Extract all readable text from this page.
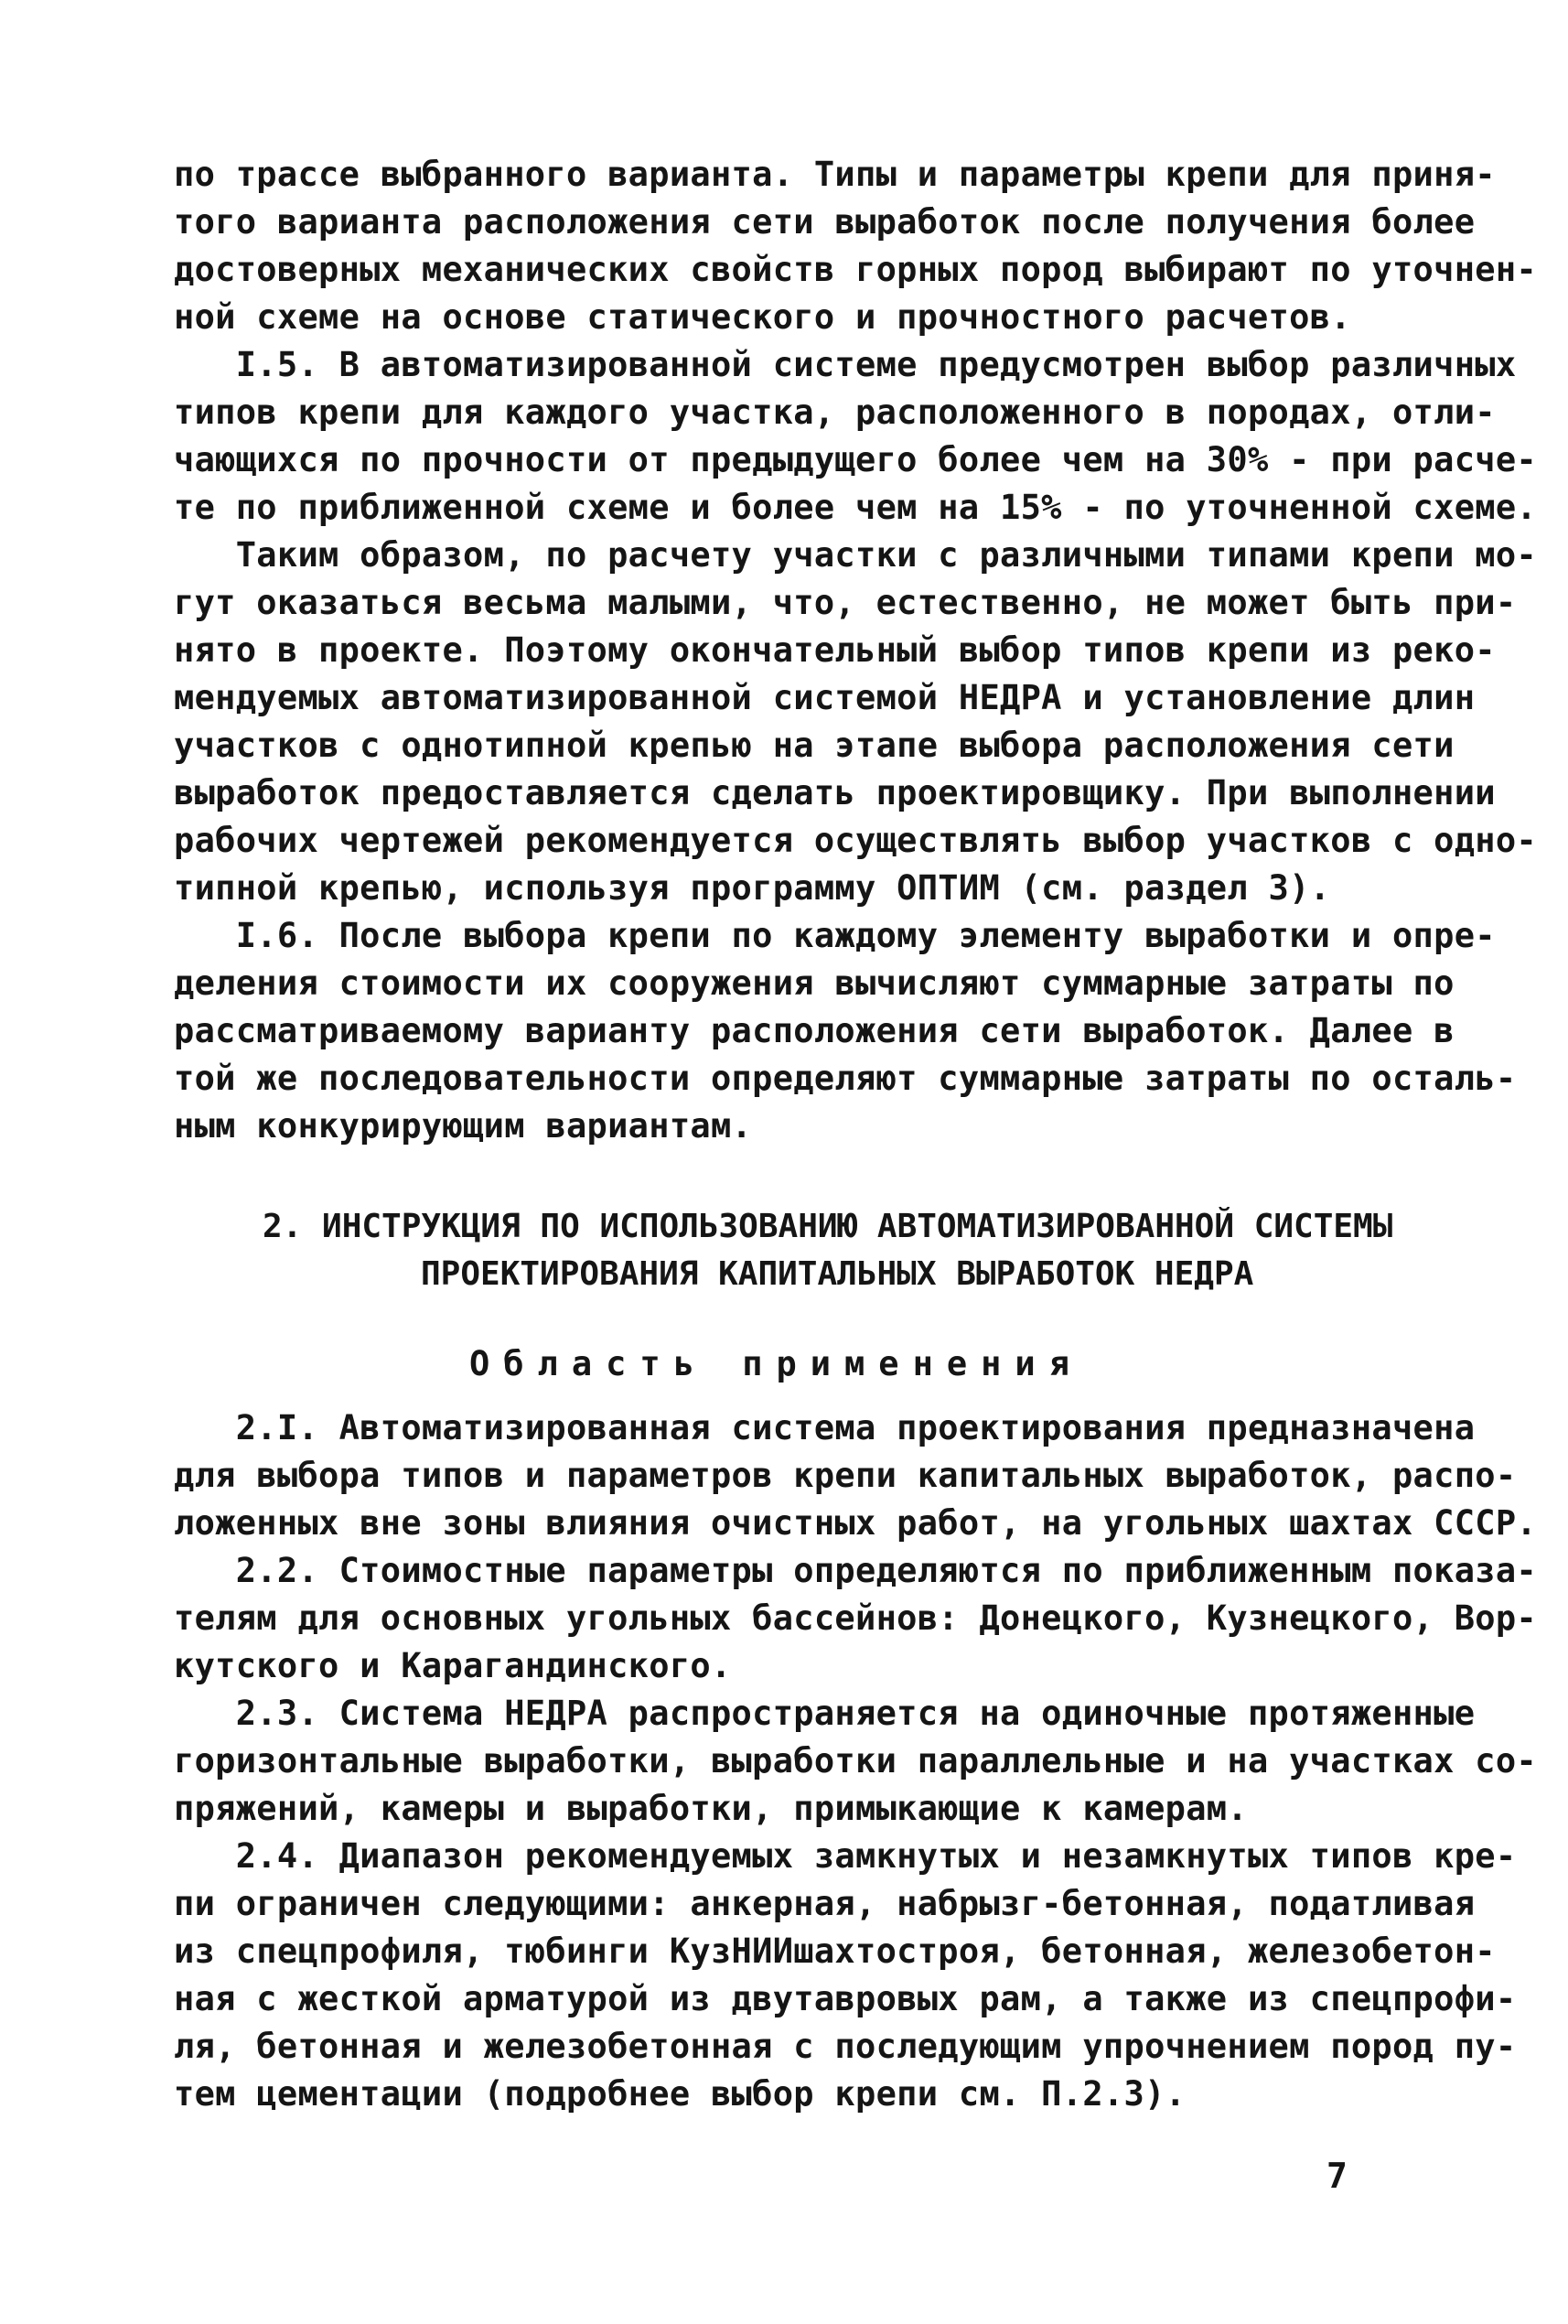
по трассе выбранного варианта. Типы и параметры крепи для приня-
того варианта расположения сети выработок после получения более
достоверных механических свойств горных пород выбирают по уточнен-
ной схеме на основе статического и прочностного расчетов.
I.5. В автоматизированной системе предусмотрен выбор различных
типов крепи для каждого участка, расположенного в породах, отли-
чающихся по прочности от предыдущего более чем на 30% - при расче-
те по приближенной схеме и более чем на 15% - по уточненной схеме.
Таким образом, по расчету участки с различными типами крепи мо-
гут оказаться весьма малыми, что, естественно, не может быть при-
нято в проекте. Поэтому окончательный выбор типов крепи из реко-
мендуемых автоматизированной системой НЕДРА и установление длин
участков с однотипной крепью на этапе выбора расположения сети
выработок предоставляется сделать проектировщику. При выполнении
рабочих чертежей рекомендуется осуществлять выбор участков с одно-
типной крепью, используя программу ОПТИМ (см. раздел 3).
I.6. После выбора крепи по каждому элементу выработки и опре-
деления стоимости их сооружения вычисляют суммарные затраты по
рассматриваемому варианту расположения сети выработок. Далее в
той же последовательности определяют суммарные затраты по осталь-
ным конкурирующим вариантам.
2. ИНСТРУКЦИЯ ПО ИСПОЛЬЗОВАНИЮ АВТОМАТИЗИРОВАННОЙ СИСТЕМЫ
ПРОЕКТИРОВАНИЯ КАПИТАЛЬНЫХ ВЫРАБОТОК НЕДРА
Область применения
2.I. Автоматизированная система проектирования предназначена
для выбора типов и параметров крепи капитальных выработок, распо-
ложенных вне зоны влияния очистных работ, на угольных шахтах СССР.
2.2. Стоимостные параметры определяются по приближенным показа-
телям для основных угольных бассейнов: Донецкого, Кузнецкого, Вор-
кутского и Карагандинского.
2.3. Система НЕДРА распространяется на одиночные протяженные
горизонтальные выработки, выработки параллельные и на участках со-
пряжений, камеры и выработки, примыкающие к камерам.
2.4. Диапазон рекомендуемых замкнутых и незамкнутых типов кре-
пи ограничен следующими: анкерная, набрызг-бетонная, податливая
из спецпрофиля, тюбинги КузНИИшахтостроя, бетонная, железобетон-
ная с жесткой арматурой из двутавровых рам, а также из спецпрофи-
ля, бетонная и железобетонная с последующим упрочнением пород пу-
тем цементации (подробнее выбор крепи см. П.2.3).
7
